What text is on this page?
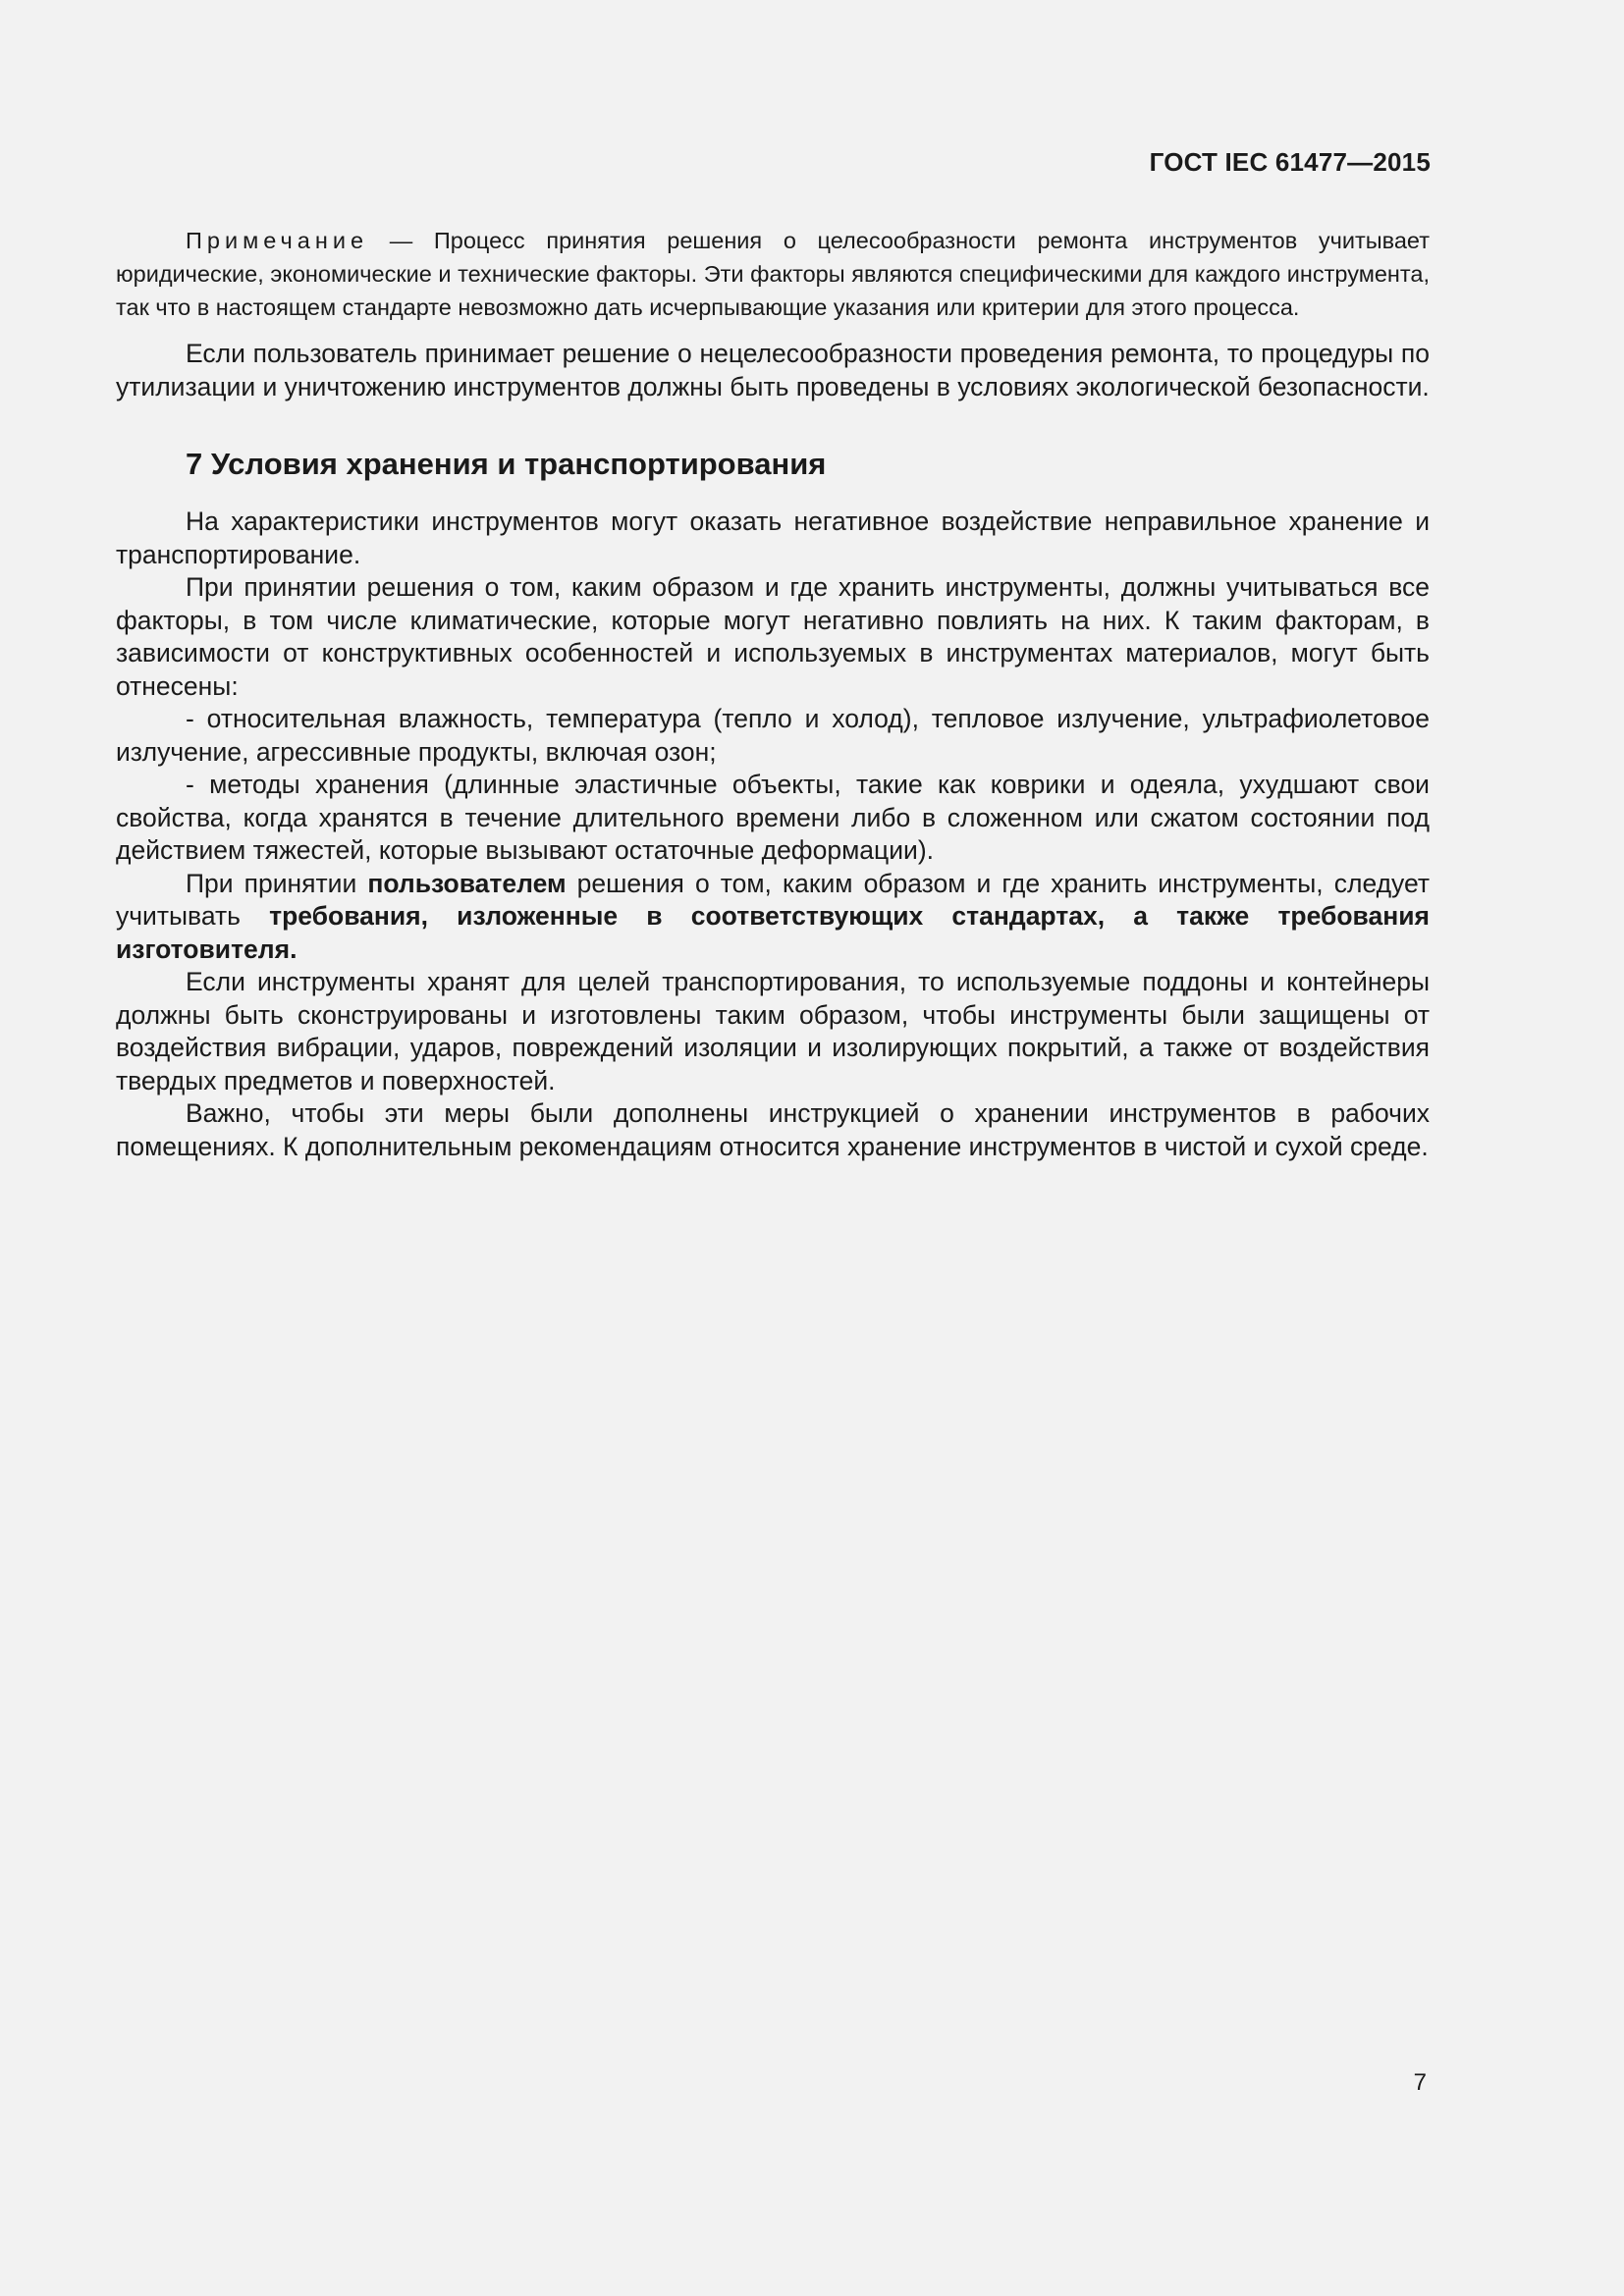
ГОСТ IEC 61477—2015

Примечание — Процесс принятия решения о целесообразности ремонта инструментов учитывает юридические, экономические и технические факторы. Эти факторы являются специфическими для каждого инструмента, так что в настоящем стандарте невозможно дать исчерпывающие указания или критерии для этого процесса.

Если пользователь принимает решение о нецелесообразности проведения ремонта, то процедуры по утилизации и уничтожению инструментов должны быть проведены в условиях экологической безопасности.

7 Условия хранения и транспортирования

На характеристики инструментов могут оказать негативное воздействие неправильное хранение и транспортирование.

При принятии решения о том, каким образом и где хранить инструменты, должны учитываться все факторы, в том числе климатические, которые могут негативно повлиять на них. К таким факторам, в зависимости от конструктивных особенностей и используемых в инструментах материалов, могут быть отнесены:

- относительная влажность, температура (тепло и холод), тепловое излучение, ультрафиолетовое излучение, агрессивные продукты, включая озон;

- методы хранения (длинные эластичные объекты, такие как коврики и одеяла, ухудшают свои свойства, когда хранятся в течение длительного времени либо в сложенном или сжатом состоянии под действием тяжестей, которые вызывают остаточные деформации).

При принятии пользователем решения о том, каким образом и где хранить инструменты, следует учитывать требования, изложенные в соответствующих стандартах, а также требования изготовителя.

Если инструменты хранят для целей транспортирования, то используемые поддоны и контейнеры должны быть сконструированы и изготовлены таким образом, чтобы инструменты были защищены от воздействия вибрации, ударов, повреждений изоляции и изолирующих покрытий, а также от воздействия твердых предметов и поверхностей.

Важно, чтобы эти меры были дополнены инструкцией о хранении инструментов в рабочих помещениях. К дополнительным рекомендациям относится хранение инструментов в чистой и сухой среде.

7
